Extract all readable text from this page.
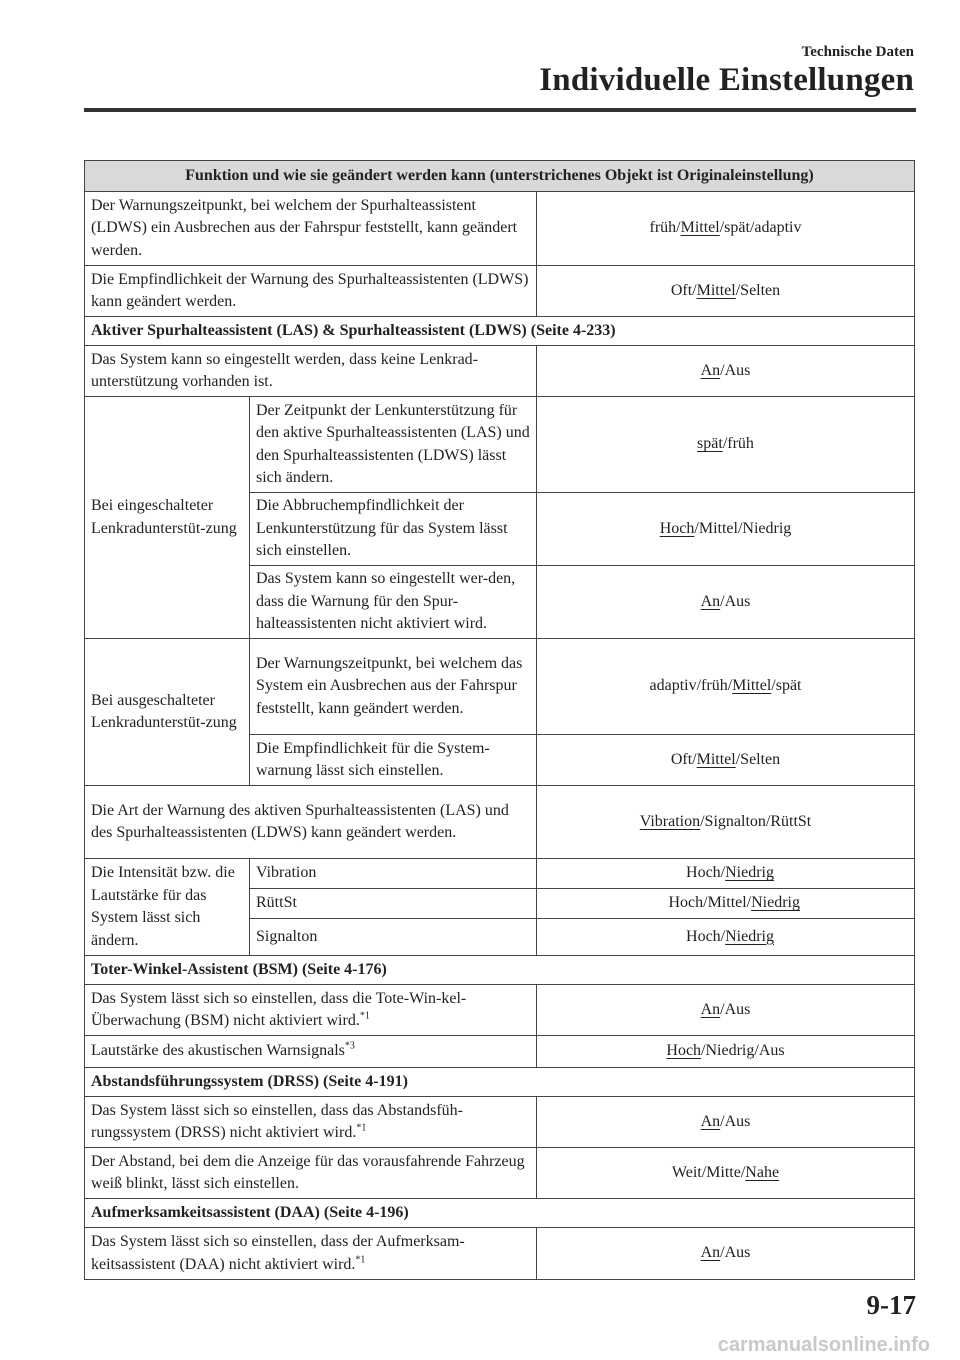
Technische Daten
Individuelle Einstellungen
Funktion und wie sie geändert werden kann (unterstrichenes Objekt ist Originaleinstellung)		
Der Warnungszeitpunkt, bei welchem der Spurhalteassistent (LDWS) ein Ausbrechen aus der Fahrspur feststellt, kann geändert werden.		früh/Mittel/spät/adaptiv
Die Empfindlichkeit der Warnung des Spurhalteassistenten (LDWS) kann geändert werden.		Oft/Mittel/Selten
Aktiver Spurhalteassistent (LAS) & Spurhalteassistent (LDWS) (Seite 4-233)		
Das System kann so eingestellt werden, dass keine Lenkrad-unterstützung vorhanden ist.		An/Aus
Bei eingeschalteter Lenkradunterstüt-zung	Der Zeitpunkt der Lenkunterstützung für den aktive Spurhalteassistenten (LAS) und den Spurhalteassistenten (LDWS) lässt sich ändern.	spät/früh
	Die Abbruchempfindlichkeit der Lenkunterstützung für das System lässt sich einstellen.	Hoch/Mittel/Niedrig
	Das System kann so eingestellt wer-den, dass die Warnung für den Spur-halteassistenten nicht aktiviert wird.	An/Aus
Bei ausgeschalteter Lenkradunterstüt-zung	Der Warnungszeitpunkt, bei welchem das System ein Ausbrechen aus der Fahrspur feststellt, kann geändert werden.	adaptiv/früh/Mittel/spät
	Die Empfindlichkeit für die System-warnung lässt sich einstellen.	Oft/Mittel/Selten
Die Art der Warnung des aktiven Spurhalteassistenten (LAS) und des Spurhalteassistenten (LDWS) kann geändert werden.		Vibration/Signalton/RüttSt
Die Intensität bzw. die Lautstärke für das System lässt sich ändern.	Vibration	Hoch/Niedrig
	RüttSt	Hoch/Mittel/Niedrig
	Signalton	Hoch/Niedrig
Toter-Winkel-Assistent (BSM) (Seite 4-176)		
Das System lässt sich so einstellen, dass die Tote-Win-kel-Überwachung (BSM) nicht aktiviert wird.$^{*1}$		An/Aus
Lautstärke des akustischen Warnsignals$^{*3}$		Hoch/Niedrig/Aus
Abstandsführungssystem (DRSS) (Seite 4-191)		
Das System lässt sich so einstellen, dass das Abstandsfüh-rungssystem (DRSS) nicht aktiviert wird.$^{*1}$		An/Aus
Der Abstand, bei dem die Anzeige für das vorausfahrende Fahrzeug weiß blinkt, lässt sich einstellen.		Weit/Mitte/Nahe
Aufmerksamkeitsassistent (DAA) (Seite 4-196)		
Das System lässt sich so einstellen, dass der Aufmerksam-keitsassistent (DAA) nicht aktiviert wird.$^{*1}$		An/Aus
9-17
carmanualsonline.info
